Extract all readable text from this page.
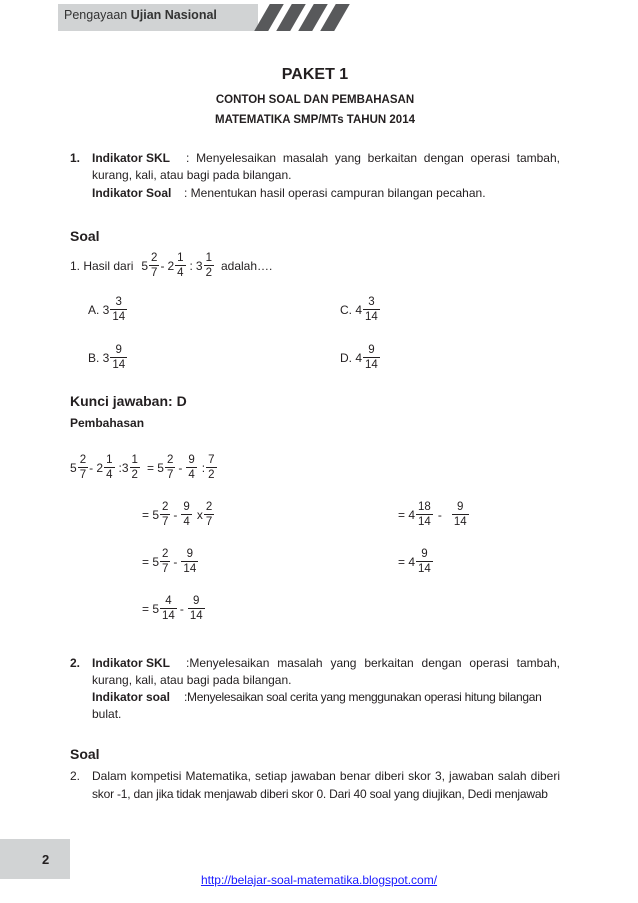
Pengayaan Ujian Nasional
PAKET 1
CONTOH SOAL DAN PEMBAHASAN
MATEMATIKA SMP/MTs TAHUN 2014
1. Indikator SKL : Menyelesaikan masalah yang berkaitan dengan operasi tambah,
kurang, kali, atau bagi pada bilangan.
Indikator Soal : Menentukan hasil operasi campuran bilangan pecahan.
Soal
1. Hasil dari $5 \frac{2}{7} - 2 \frac{1}{4}$ : $3 \frac{1}{2}$ adalah….
A. $3 \frac{3}{14}$	C. $4 \frac{3}{14}$
B. $3 \frac{9}{14}$	D. $4 \frac{9}{14}$
Kunci jawaban: D
Pembahasan
$5 \frac{2}{7} - 2 \frac{1}{4}$ :3 $\frac{1}{2} = 5 \frac{2}{7} - \frac{9}{4}$ : $\frac{7}{2}$
= $5 \frac{2}{7} - \frac{9}{4}$ x $\frac{2}{7}$
= $5 \frac{2}{7} - \frac{9}{14}$
= $5 \frac{4}{14} - \frac{9}{14}$
= $4 \frac{18}{14} - \frac{9}{14}$
= $4 \frac{9}{14}$
2. Indikator SKL :Menyelesaikan masalah yang berkaitan dengan operasi tambah,
kurang, kali, atau bagi pada bilangan.
Indikator soal :Menyelesaikan soal cerita yang menggunakan operasi hitung bilangan
bulat.
Soal
2. Dalam kompetisi Matematika, setiap jawaban benar diberi skor 3, jawaban salah diberi
skor -1, dan jika tidak menjawab diberi skor 0. Dari 40 soal yang diujikan, Dedi menjawab
2
http://belajar-soal-matematika.blogspot.com/
